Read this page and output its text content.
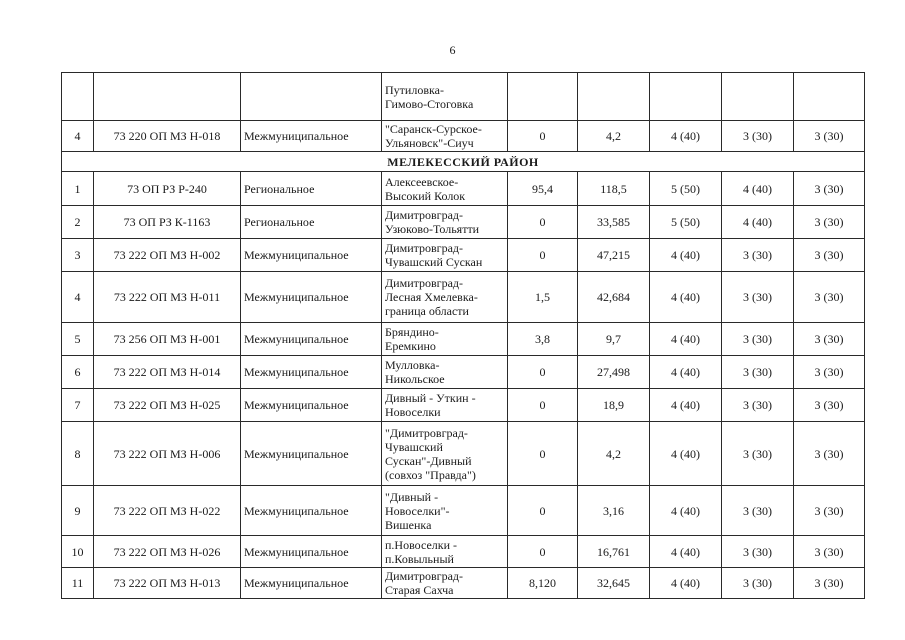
6

			Путиловка-
Гимово-Стоговка					

4	73 220 ОП МЗ Н-018	Межмуниципальное	"Саранск-Сурское-
Ульяновск"-Сиуч	0	4,2	4 (40)	3 (30)	3 (30)
МЕЛЕКЕССКИЙ РАЙОН								
1	73 ОП РЗ Р-240	Региональное	Алексеевское-
Высокий Колок	95,4	118,5	5 (50)	4 (40)	3 (30)
2	73 ОП РЗ К-1163	Региональное	Димитровград-
Узюково-Тольятти	0	33,585	5 (50)	4 (40)	3 (30)
3	73 222 ОП МЗ Н-002	Межмуниципальное	Димитровград-
Чувашский Сускан	0	47,215	4 (40)	3 (30)	3 (30)
4	73 222 ОП МЗ Н-011	Межмуниципальное	Димитровград-
Лесная Хмелевка-
граница области	1,5	42,684	4 (40)	3 (30)	3 (30)
5	73 256 ОП МЗ Н-001	Межмуниципальное	Бряндино-
Еремкино	3,8	9,7	4 (40)	3 (30)	3 (30)
6	73 222 ОП МЗ Н-014	Межмуниципальное	Мулловка-
Никольское	0	27,498	4 (40)	3 (30)	3 (30)
7	73 222 ОП МЗ Н-025	Межмуниципальное	Дивный - Уткин -
Новоселки	0	18,9	4 (40)	3 (30)	3 (30)
8	73 222 ОП МЗ Н-006	Межмуниципальное	"Димитровград-
Чувашский
Сускан"-Дивный
(совхоз "Правда")	0	4,2	4 (40)	3 (30)	3 (30)
9	73 222 ОП МЗ Н-022	Межмуниципальное	"Дивный -
Новоселки"-
Вишенка	0	3,16	4 (40)	3 (30)	3 (30)
10	73 222 ОП МЗ Н-026	Межмуниципальное	п.Новоселки -
п.Ковыльный	0	16,761	4 (40)	3 (30)	3 (30)
11	73 222 ОП МЗ Н-013	Межмуниципальное	Димитровград-
Старая Сахча	8,120	32,645	4 (40)	3 (30)	3 (30)
